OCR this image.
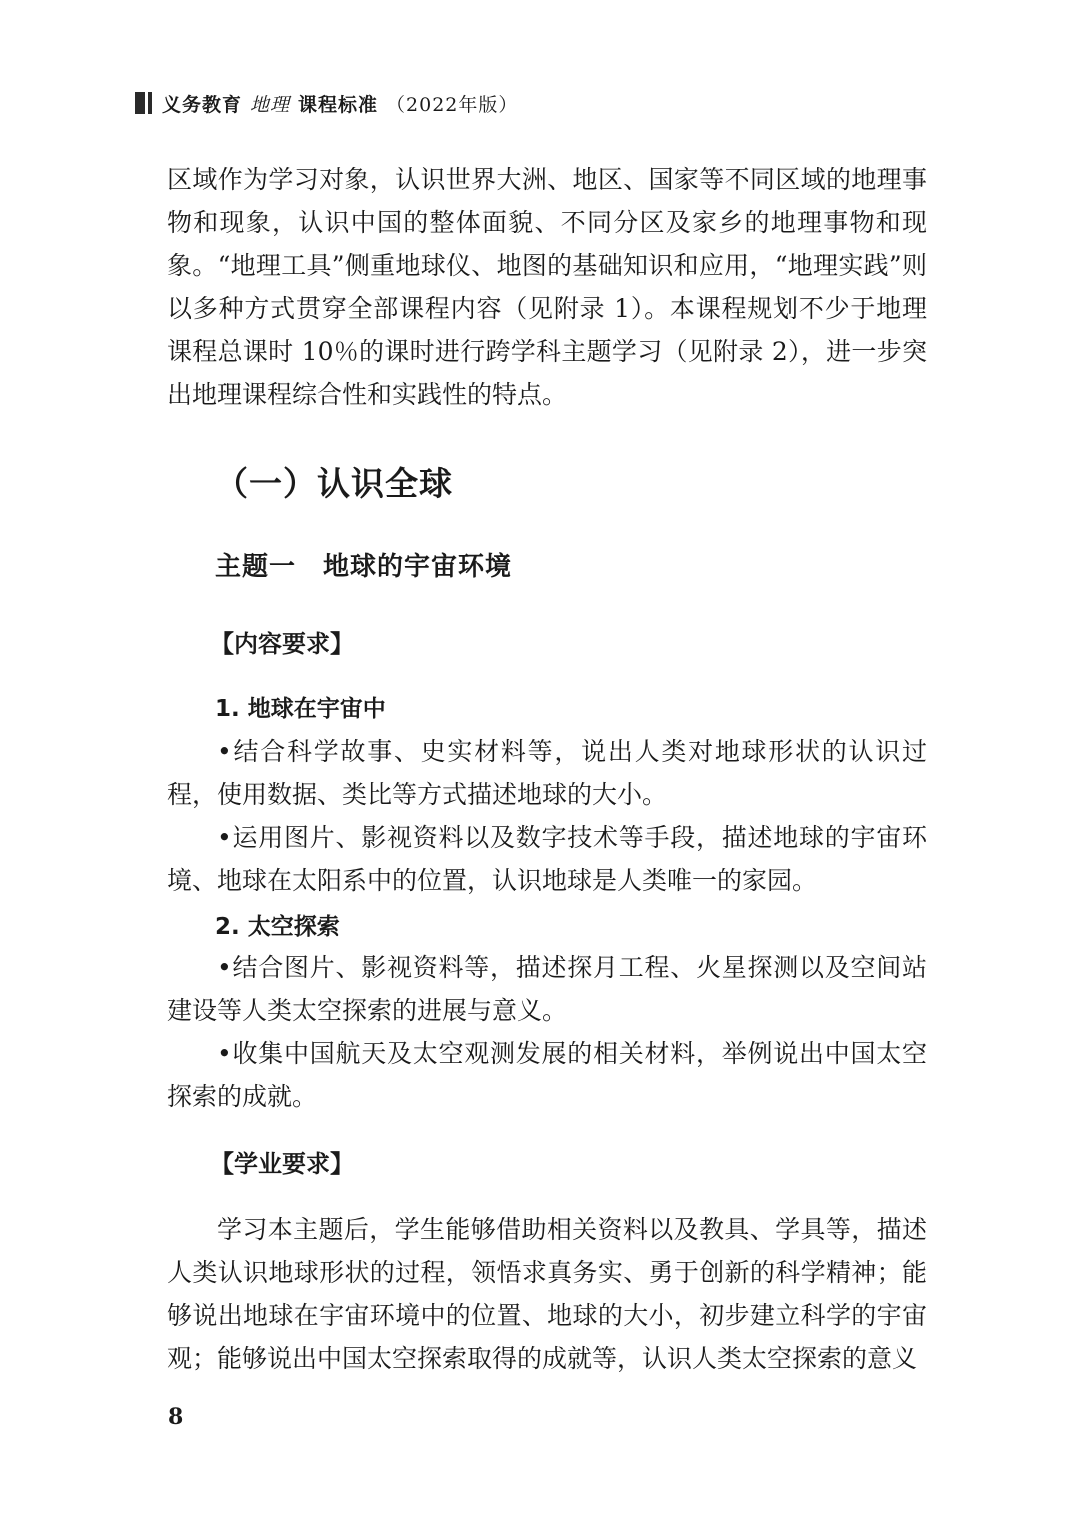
义务教育 地理 课程标准 （2022年版）

区域作为学习对象，认识世界大洲、地区、国家等不同区域的地理事物和现象，认识中国的整体面貌、不同分区及家乡的地理事物和现象。“地理工具”侧重地球仪、地图的基础知识和应用，“地理实践”则以多种方式贯穿全部课程内容（见附录 1）。本课程规划不少于地理课程总课时 10％的课时进行跨学科主题学习（见附录 2），进一步突出地理课程综合性和实践性的特点。

（一）认识全球
主题一　地球的宇宙环境
【内容要求】
1. 地球在宇宙中

•结合科学故事、史实材料等，说出人类对地球形状的认识过程，使用数据、类比等方式描述地球的大小。

•运用图片、影视资料以及数字技术等手段，描述地球的宇宙环境、地球在太阳系中的位置，认识地球是人类唯一的家园。

2. 太空探索

•结合图片、影视资料等，描述探月工程、火星探测以及空间站建设等人类太空探索的进展与意义。

•收集中国航天及太空观测发展的相关材料，举例说出中国太空探索的成就。

【学业要求】

学习本主题后，学生能够借助相关资料以及教具、学具等，描述人类认识地球形状的过程，领悟求真务实、勇于创新的科学精神；能够说出地球在宇宙环境中的位置、地球的大小，初步建立科学的宇宙观；能够说出中国太空探索取得的成就等，认识人类太空探索的意义

8
